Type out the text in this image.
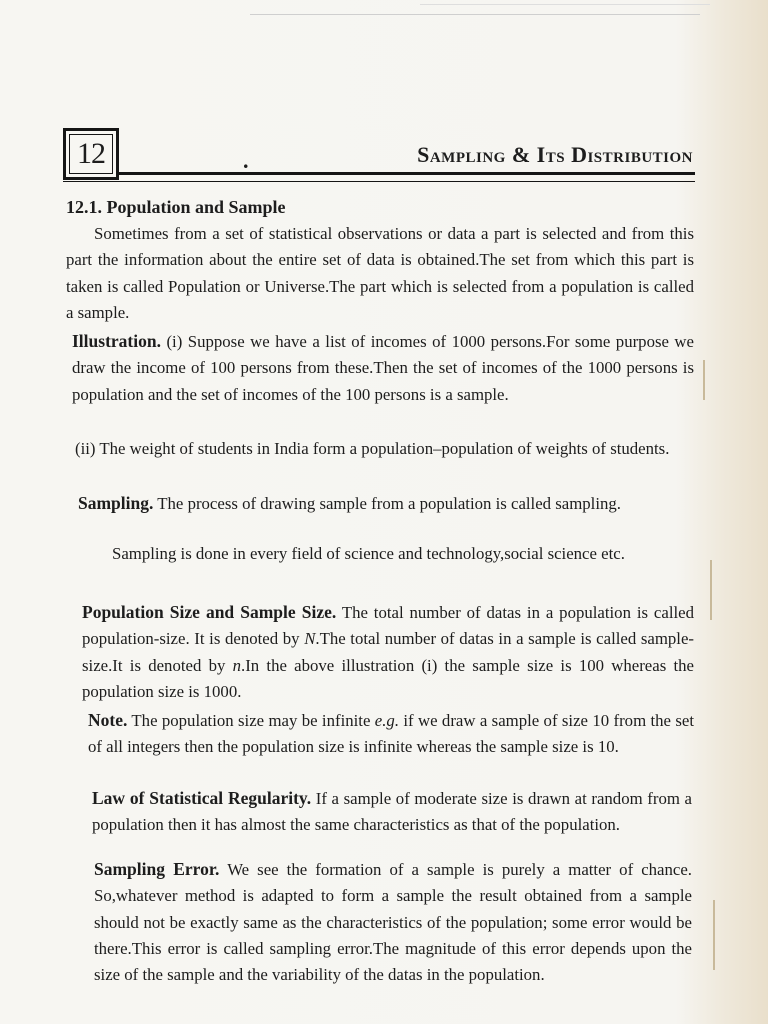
12	.	Sampling & Its Distribution
12.1. Population and Sample

Sometimes from a set of statistical observations or data a part is selected and from this part the information about the entire set of data is obtained.The set from which this part is taken is called Population or Universe.The part which is selected from a population is called a sample.

Illustration. (i) Suppose we have a list of incomes of 1000 persons.For some purpose we draw the income of 100 persons from these.Then the set of incomes of the 1000 persons is population and the set of incomes of the 100 persons is a sample.

(ii) The weight of students in India form a population–population of weights of students.

Sampling. The process of drawing sample from a population is called sampling.

Sampling is done in every field of science and technology,social science etc.

Population Size and Sample Size. The total number of datas in a population is called population-size. It is denoted by N.The total number of datas in a sample is called sample-size.It is denoted by n.In the above illustration (i) the sample size is 100 whereas the population size is 1000.

Note. The population size may be infinite e.g. if we draw a sample of size 10 from the set of all integers then the population size is infinite whereas the sample size is 10.

Law of Statistical Regularity. If a sample of moderate size is drawn at random from a population then it has almost the same characteristics as that of the population.

Sampling Error. We see the formation of a sample is purely a matter of chance. So,whatever method is adapted to form a sample the result obtained from a sample should not be exactly same as the characteristics of the population; some error would be there.This error is called sampling error.The magnitude of this error depends upon the size of the sample and the variability of the datas in the population.
